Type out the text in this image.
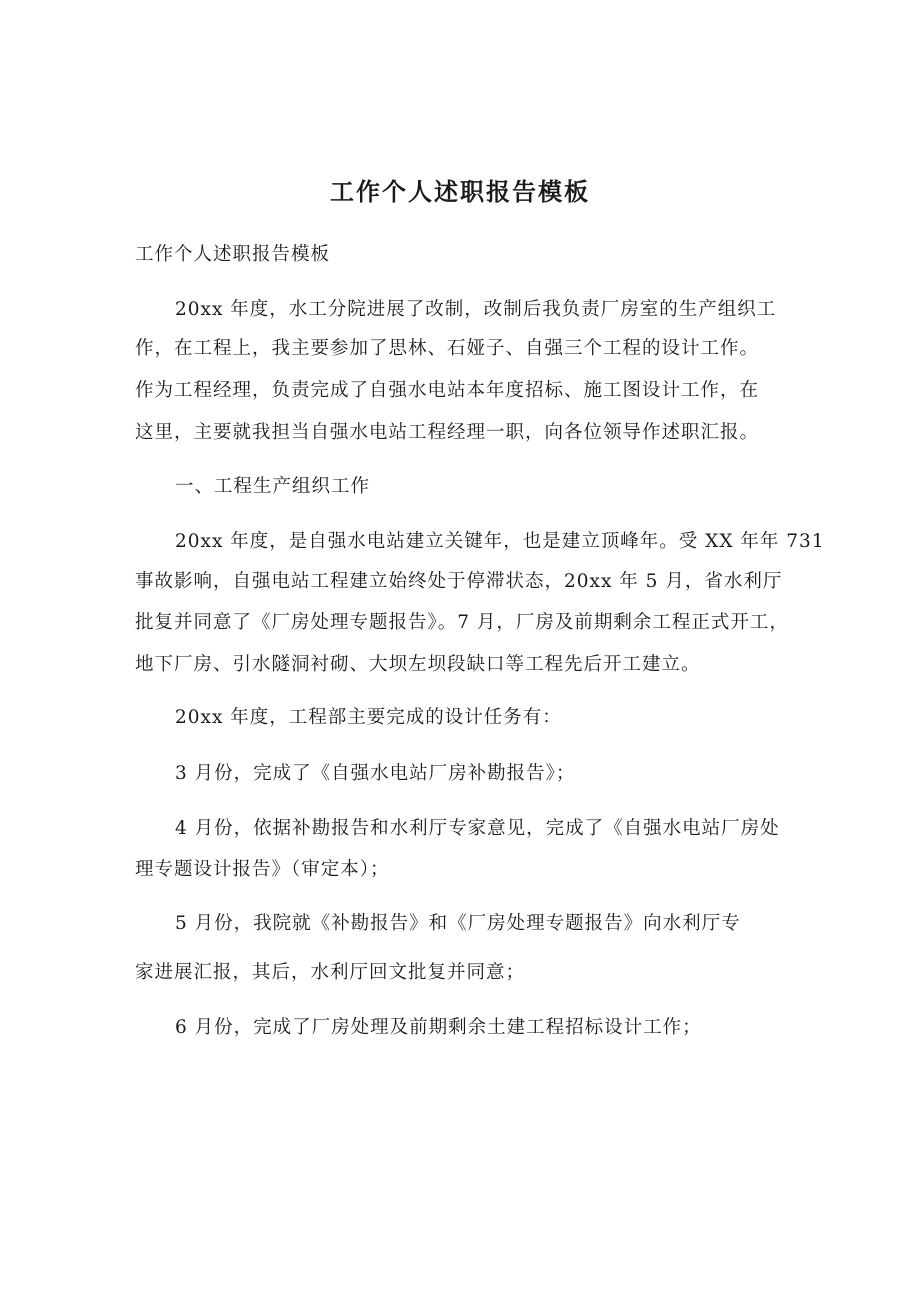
工作个人述职报告模板

工作个人述职报告模板

20xx 年度，水工分院进展了改制，改制后我负责厂房室的生产组织工

作，在工程上，我主要参加了思林、石娅子、自强三个工程的设计工作。

作为工程经理，负责完成了自强水电站本年度招标、施工图设计工作，在

这里，主要就我担当自强水电站工程经理一职，向各位领导作述职汇报。

一、工程生产组织工作

20xx 年度，是自强水电站建立关键年，也是建立顶峰年。受 XX 年年 731

事故影响，自强电站工程建立始终处于停滞状态，20xx 年 5 月，省水利厅

批复并同意了《厂房处理专题报告》。7 月，厂房及前期剩余工程正式开工，

地下厂房、引水隧洞衬砌、大坝左坝段缺口等工程先后开工建立。

20xx 年度，工程部主要完成的设计任务有：

3 月份，完成了《自强水电站厂房补勘报告》；

4 月份，依据补勘报告和水利厅专家意见，完成了《自强水电站厂房处

理专题设计报告》（审定本）；

5 月份，我院就《补勘报告》和《厂房处理专题报告》向水利厅专

家进展汇报，其后，水利厅回文批复并同意；

6 月份，完成了厂房处理及前期剩余土建工程招标设计工作；
